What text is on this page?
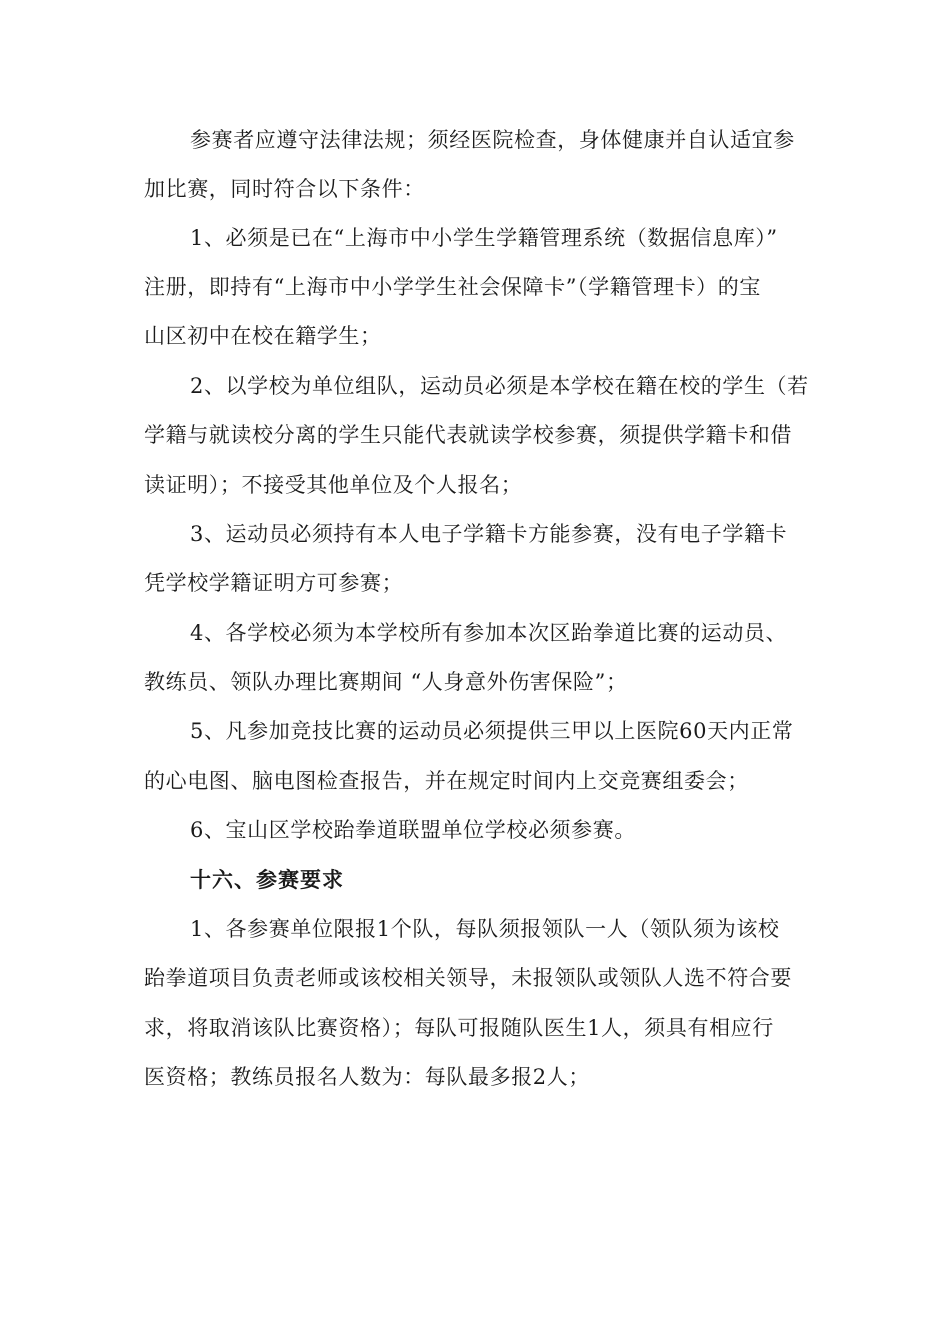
参赛者应遵守法律法规；须经医院检查，身体健康并自认适宜参
加比赛，同时符合以下条件：
1、必须是已在“上海市中小学生学籍管理系统（数据信息库）”
注册，即持有“上海市中小学学生社会保障卡”（学籍管理卡）的宝
山区初中在校在籍学生；
2、以学校为单位组队，运动员必须是本学校在籍在校的学生（若
学籍与就读校分离的学生只能代表就读学校参赛，须提供学籍卡和借
读证明）；不接受其他单位及个人报名；
3、运动员必须持有本人电子学籍卡方能参赛，没有电子学籍卡
凭学校学籍证明方可参赛；
4、各学校必须为本学校所有参加本次区跆拳道比赛的运动员、
教练员、领队办理比赛期间 “人身意外伤害保险”；
5、凡参加竞技比赛的运动员必须提供三甲以上医院60天内正常
的心电图、脑电图检查报告，并在规定时间内上交竞赛组委会；
6、宝山区学校跆拳道联盟单位学校必须参赛。
十六、参赛要求
1、各参赛单位限报1个队，每队须报领队一人（领队须为该校
跆拳道项目负责老师或该校相关领导，未报领队或领队人选不符合要
求，将取消该队比赛资格）；每队可报随队医生1人，须具有相应行
医资格；教练员报名人数为：每队最多报2人；
